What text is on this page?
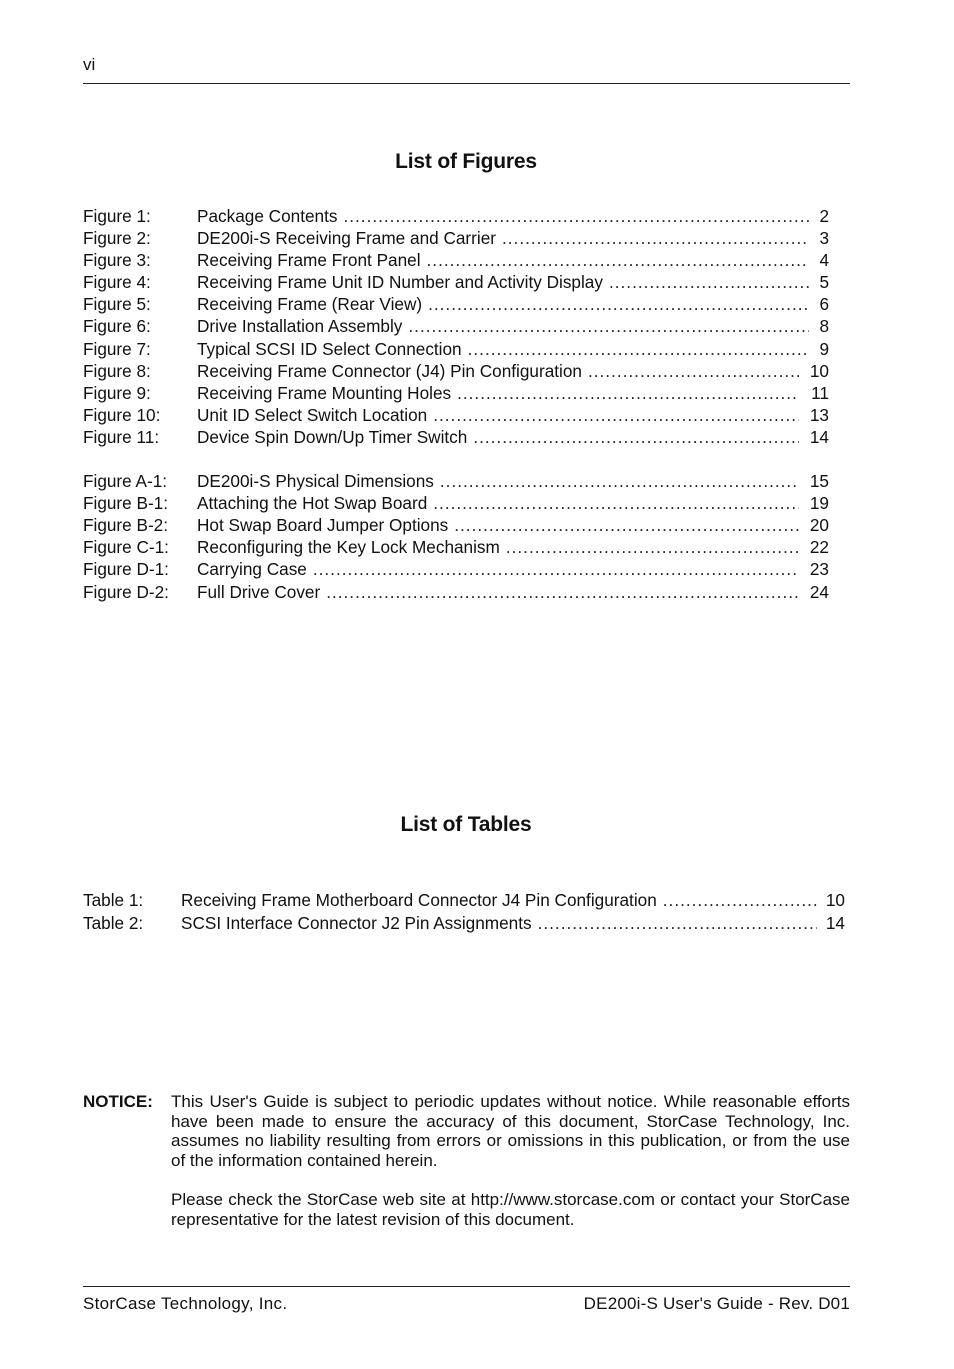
vi
List of Figures
Figure 1:	Package Contents .....	2
Figure 2:	DE200i-S Receiving Frame and Carrier .....	3
Figure 3:	Receiving Frame Front Panel .....	4
Figure 4:	Receiving Frame Unit ID Number and Activity Display .....	5
Figure 5:	Receiving Frame (Rear View) .....	6
Figure 6:	Drive Installation Assembly .....	8
Figure 7:	Typical SCSI ID Select Connection .....	9
Figure 8:	Receiving Frame Connector (J4) Pin Configuration .....	10
Figure 9:	Receiving Frame Mounting Holes .....	11
Figure 10:	Unit ID Select Switch Location .....	13
Figure 11:	Device Spin Down/Up Timer Switch .....	14
Figure A-1:	DE200i-S Physical Dimensions .....	15
Figure B-1:	Attaching the Hot Swap Board .....	19
Figure B-2:	Hot Swap Board Jumper Options .....	20
Figure C-1:	Reconfiguring the Key Lock Mechanism .....	22
Figure D-1:	Carrying Case .....	23
Figure D-2:	Full Drive Cover .....	24
List of Tables
Table 1:	Receiving Frame Motherboard Connector J4 Pin Configuration .....	10
Table 2:	SCSI Interface Connector J2 Pin Assignments .....	14
NOTICE: This User's Guide is subject to periodic updates without notice. While reasonable efforts have been made to ensure the accuracy of this document, StorCase Technology, Inc. assumes no liability resulting from errors or omissions in this publication, or from the use of the information contained herein.

Please check the StorCase web site at http://www.storcase.com or contact your StorCase representative for the latest revision of this document.

StorCase Technology, Inc.	DE200i-S User's Guide - Rev. D01
